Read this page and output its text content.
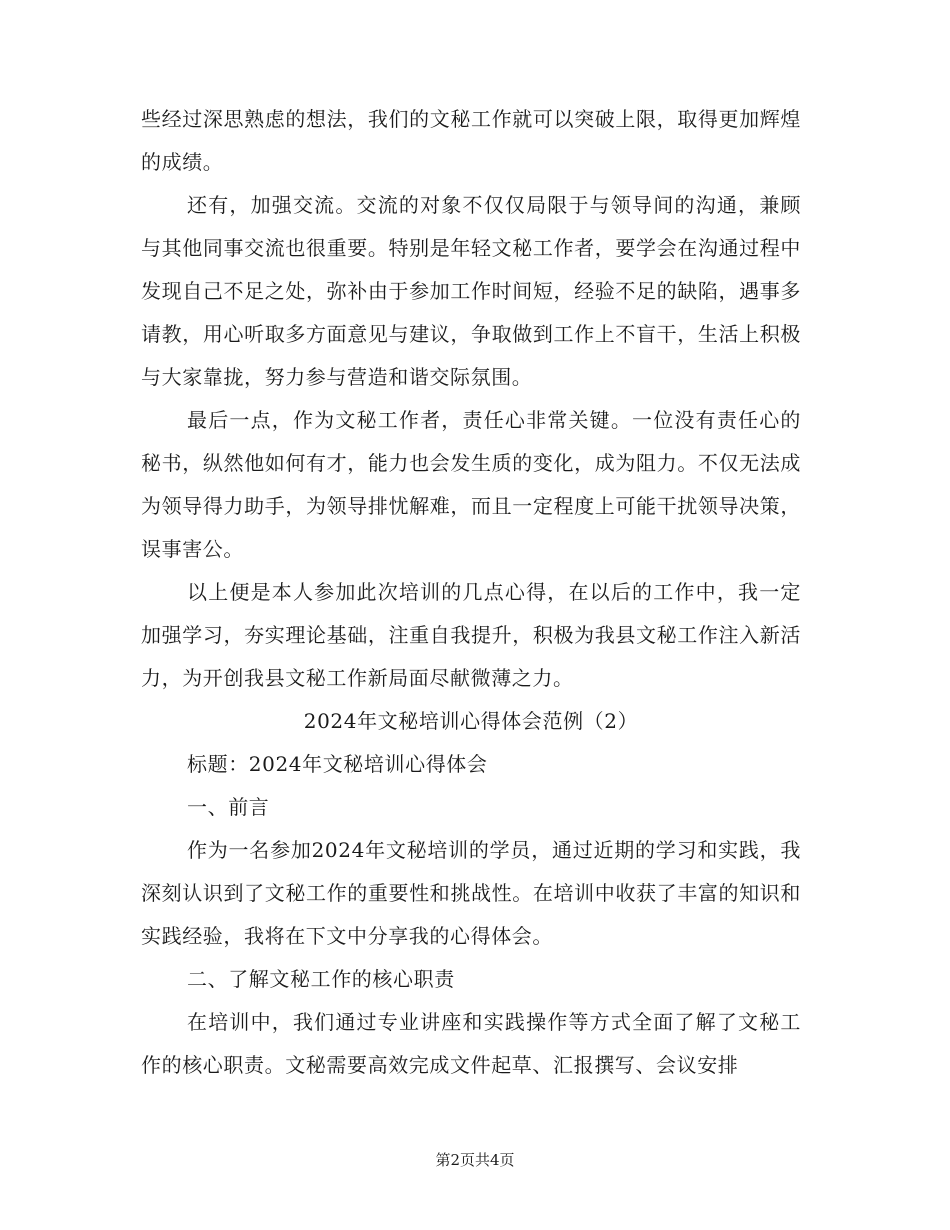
些经过深思熟虑的想法，我们的文秘工作就可以突破上限，取得更加辉煌的成绩。

还有，加强交流。交流的对象不仅仅局限于与领导间的沟通，兼顾与其他同事交流也很重要。特别是年轻文秘工作者，要学会在沟通过程中发现自己不足之处，弥补由于参加工作时间短，经验不足的缺陷，遇事多请教，用心听取多方面意见与建议，争取做到工作上不盲干，生活上积极与大家靠拢，努力参与营造和谐交际氛围。

最后一点，作为文秘工作者，责任心非常关键。一位没有责任心的秘书，纵然他如何有才，能力也会发生质的变化，成为阻力。不仅无法成为领导得力助手，为领导排忧解难，而且一定程度上可能干扰领导决策，误事害公。

以上便是本人参加此次培训的几点心得，在以后的工作中，我一定加强学习，夯实理论基础，注重自我提升，积极为我县文秘工作注入新活力，为开创我县文秘工作新局面尽献微薄之力。

2024年文秘培训心得体会范例（2）

标题：2024年文秘培训心得体会

一、前言

作为一名参加2024年文秘培训的学员，通过近期的学习和实践，我深刻认识到了文秘工作的重要性和挑战性。在培训中收获了丰富的知识和实践经验，我将在下文中分享我的心得体会。

二、了解文秘工作的核心职责

在培训中，我们通过专业讲座和实践操作等方式全面了解了文秘工作的核心职责。文秘需要高效完成文件起草、汇报撰写、会议安排

第2页共4页
